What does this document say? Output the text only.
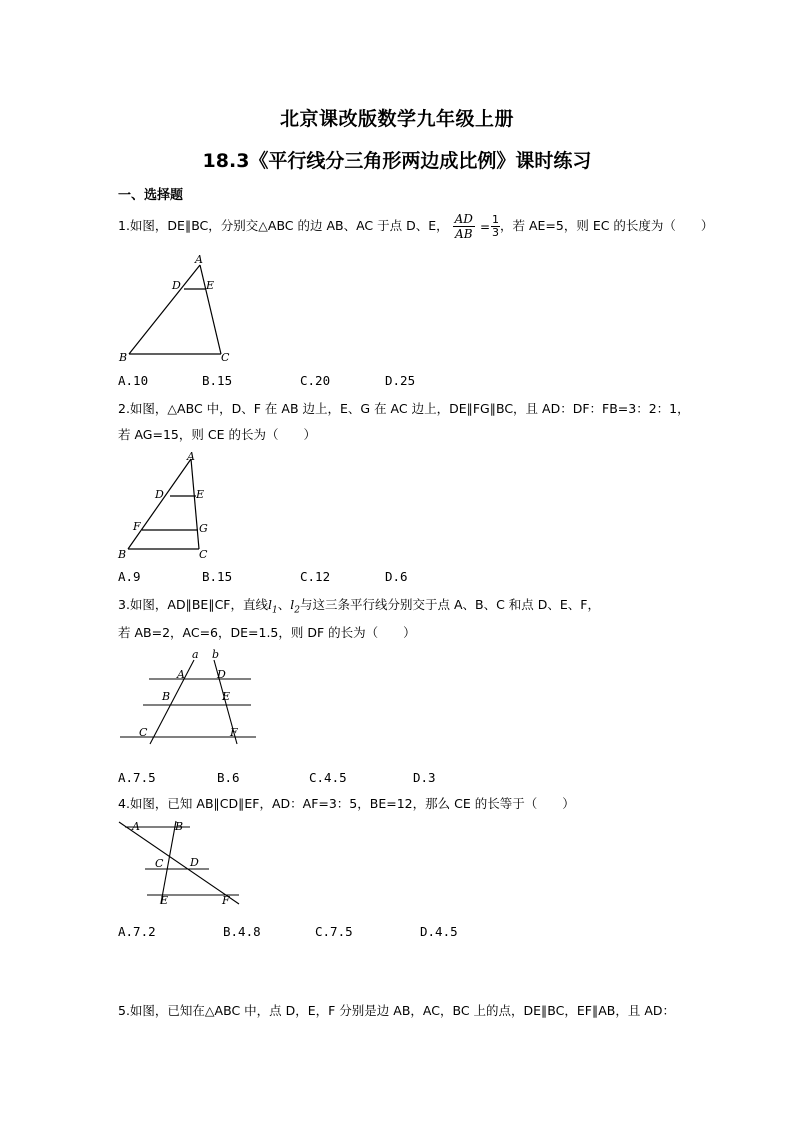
北京课改版数学九年级上册
18.3《平行线分三角形两边成比例》课时练习
一、选择题
1.如图，DE∥BC，分别交△ABC 的边 AB、AC 于点 D、E， $\frac{AD}{AB} = \frac{1}{3}$ ，若 AE=5，则 EC 的长度为（　　）
A
D E
B	C
A.10	B.15	C.20	D.25
2.如图，△ABC 中，D、F 在 AB 边上，E、G 在 AC 边上，DE∥FG∥BC，且 AD：DF：FB=3：2：1，
若 AG=15，则 CE 的长为（　　）
A
D	E
F	G
B	C
A.9	B.15	C.12	D.6
3.如图，AD∥BE∥CF，直线$l_1$、$l_2$与这三条平行线分别交于点 A、B、C 和点 D、E、F，
若 AB=2，AC=6，DE=1.5，则 DF 的长为（　　）
a b
A	D
B	E
C	F
A.7.5	B.6	C.4.5	D.3
4.如图，已知 AB∥CD∥EF，AD：AF=3：5，BE=12，那么 CE 的长等于（　　）
A	B
C D
E	F
A.7.2	B.4.8	C.7.5	D.4.5
5.如图，已知在△ABC 中，点 D，E，F 分别是边 AB，AC，BC 上的点，DE∥BC，EF∥AB，且 AD：
